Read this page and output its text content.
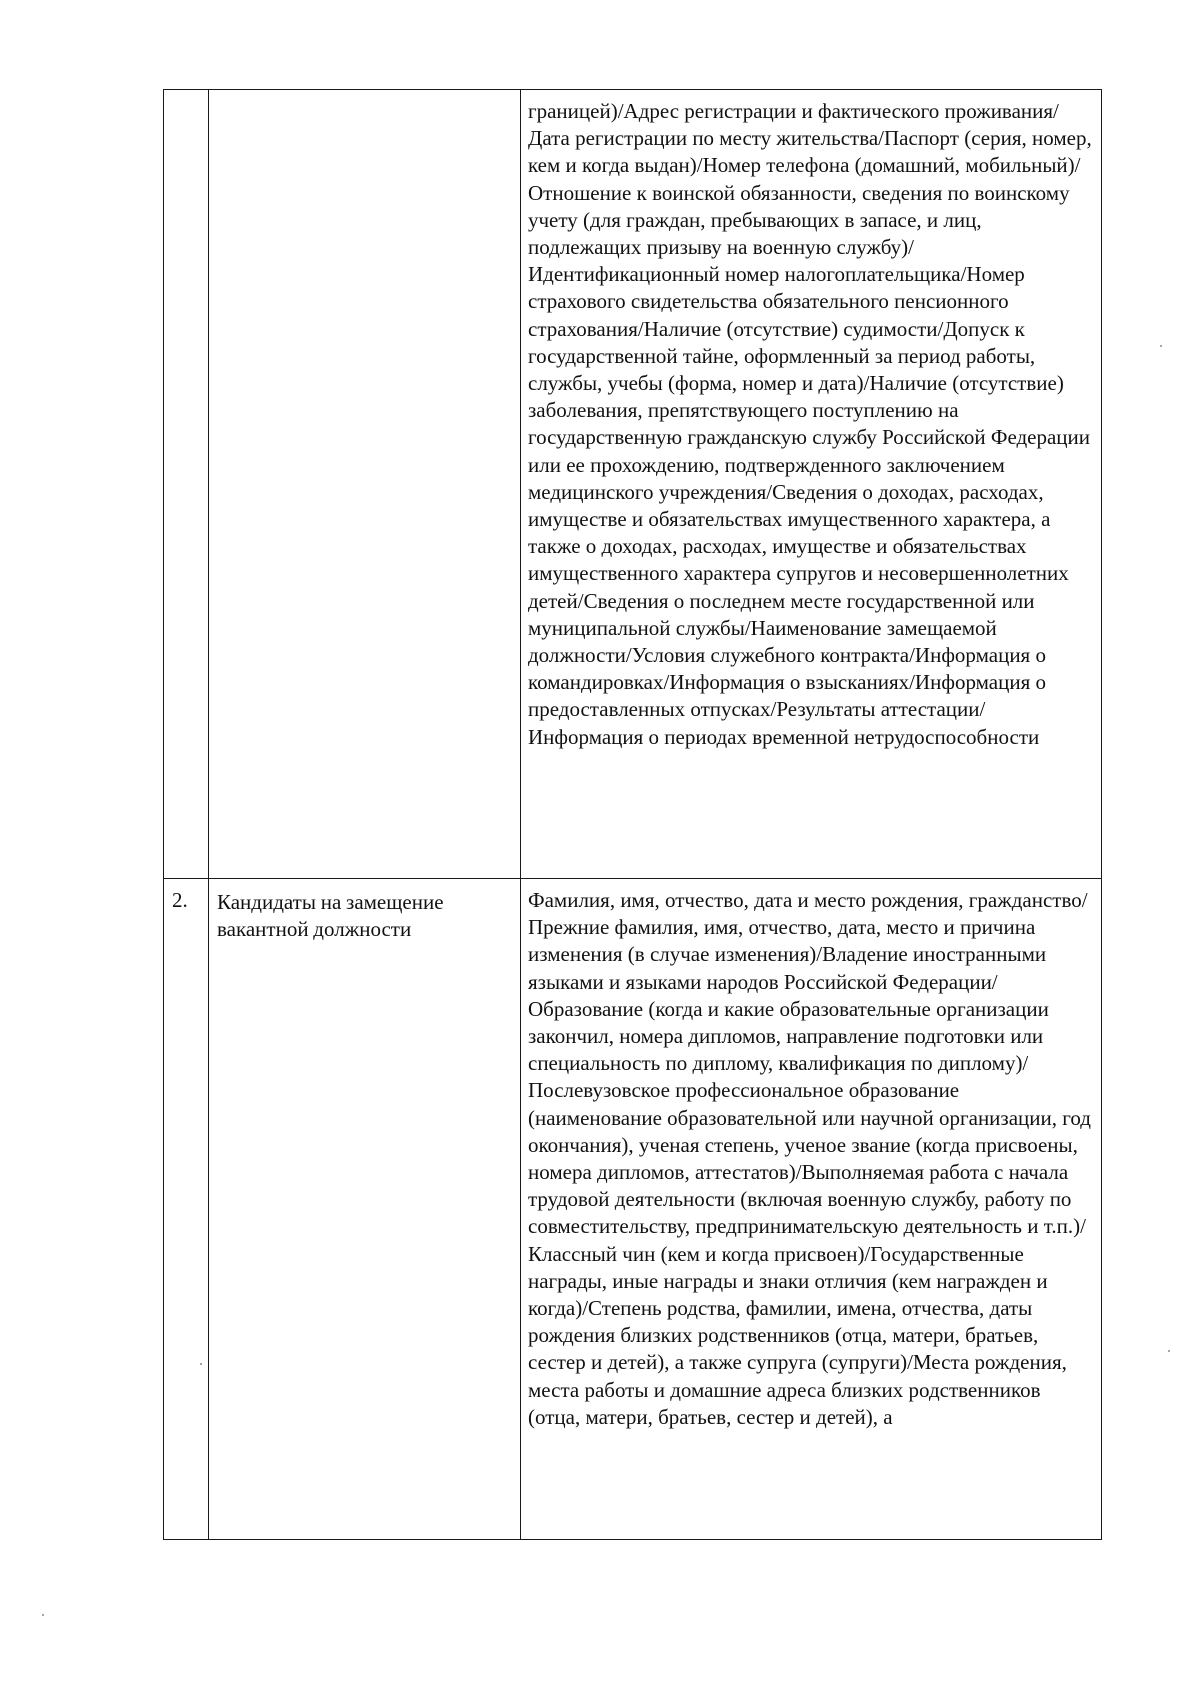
		границей)/Адрес регистрации и фактического проживания/Дата регистрации по месту жительства/Паспорт (серия, номер, кем и когда выдан)/Номер телефона (домашний, мобильный)/Отношение к воинской обязанности, сведения по воинскому учету (для граждан, пребывающих в запасе, и лиц, подлежащих призыву на военную службу)/Идентификационный номер налогоплательщика/Номер страхового свидетельства обязательного пенсионного страхования/Наличие (отсутствие) судимости/Допуск к государственной тайне, оформленный за период работы, службы, учебы (форма, номер и дата)/Наличие (отсутствие) заболевания, препятствующего поступлению на государственную гражданскую службу Российской Федерации или ее прохождению, подтвержденного заключением медицинского учреждения/Сведения о доходах, расходах, имуществе и обязательствах имущественного характера, а также о доходах, расходах, имуществе и обязательствах имущественного характера супругов и несовершеннолетних детей/Сведения о последнем месте государственной или муниципальной службы/Наименование замещаемой должности/Условия служебного контракта/Информация о командировках/Информация о взысканиях/Информация о предоставленных отпусках/Результаты аттестации/Информация о периодах временной нетрудоспособности

2.	Кандидаты на замещение вакантной должности	Фамилия, имя, отчество, дата и место рождения, гражданство/Прежние фамилия, имя, отчество, дата, место и причина изменения (в случае изменения)/Владение иностранными языками и языками народов Российской Федерации/Образование (когда и какие образовательные организации закончил, номера дипломов, направление подготовки или специальность по диплому, квалификация по диплому)/Послевузовское профессиональное образование (наименование образовательной или научной организации, год окончания), ученая степень, ученое звание (когда присвоены, номера дипломов, аттестатов)/Выполняемая работа с начала трудовой деятельности (включая военную службу, работу по совместительству, предпринимательскую деятельность и т.п.)/Классный чин (кем и когда присвоен)/Государственные награды, иные награды и знаки отличия (кем награжден и когда)/Степень родства, фамилии, имена, отчества, даты рождения близких родственников (отца, матери, братьев, сестер и детей), а также супруга (супруги)/Места рождения, места работы и домашние адреса близких родственников (отца, матери, братьев, сестер и детей), а
